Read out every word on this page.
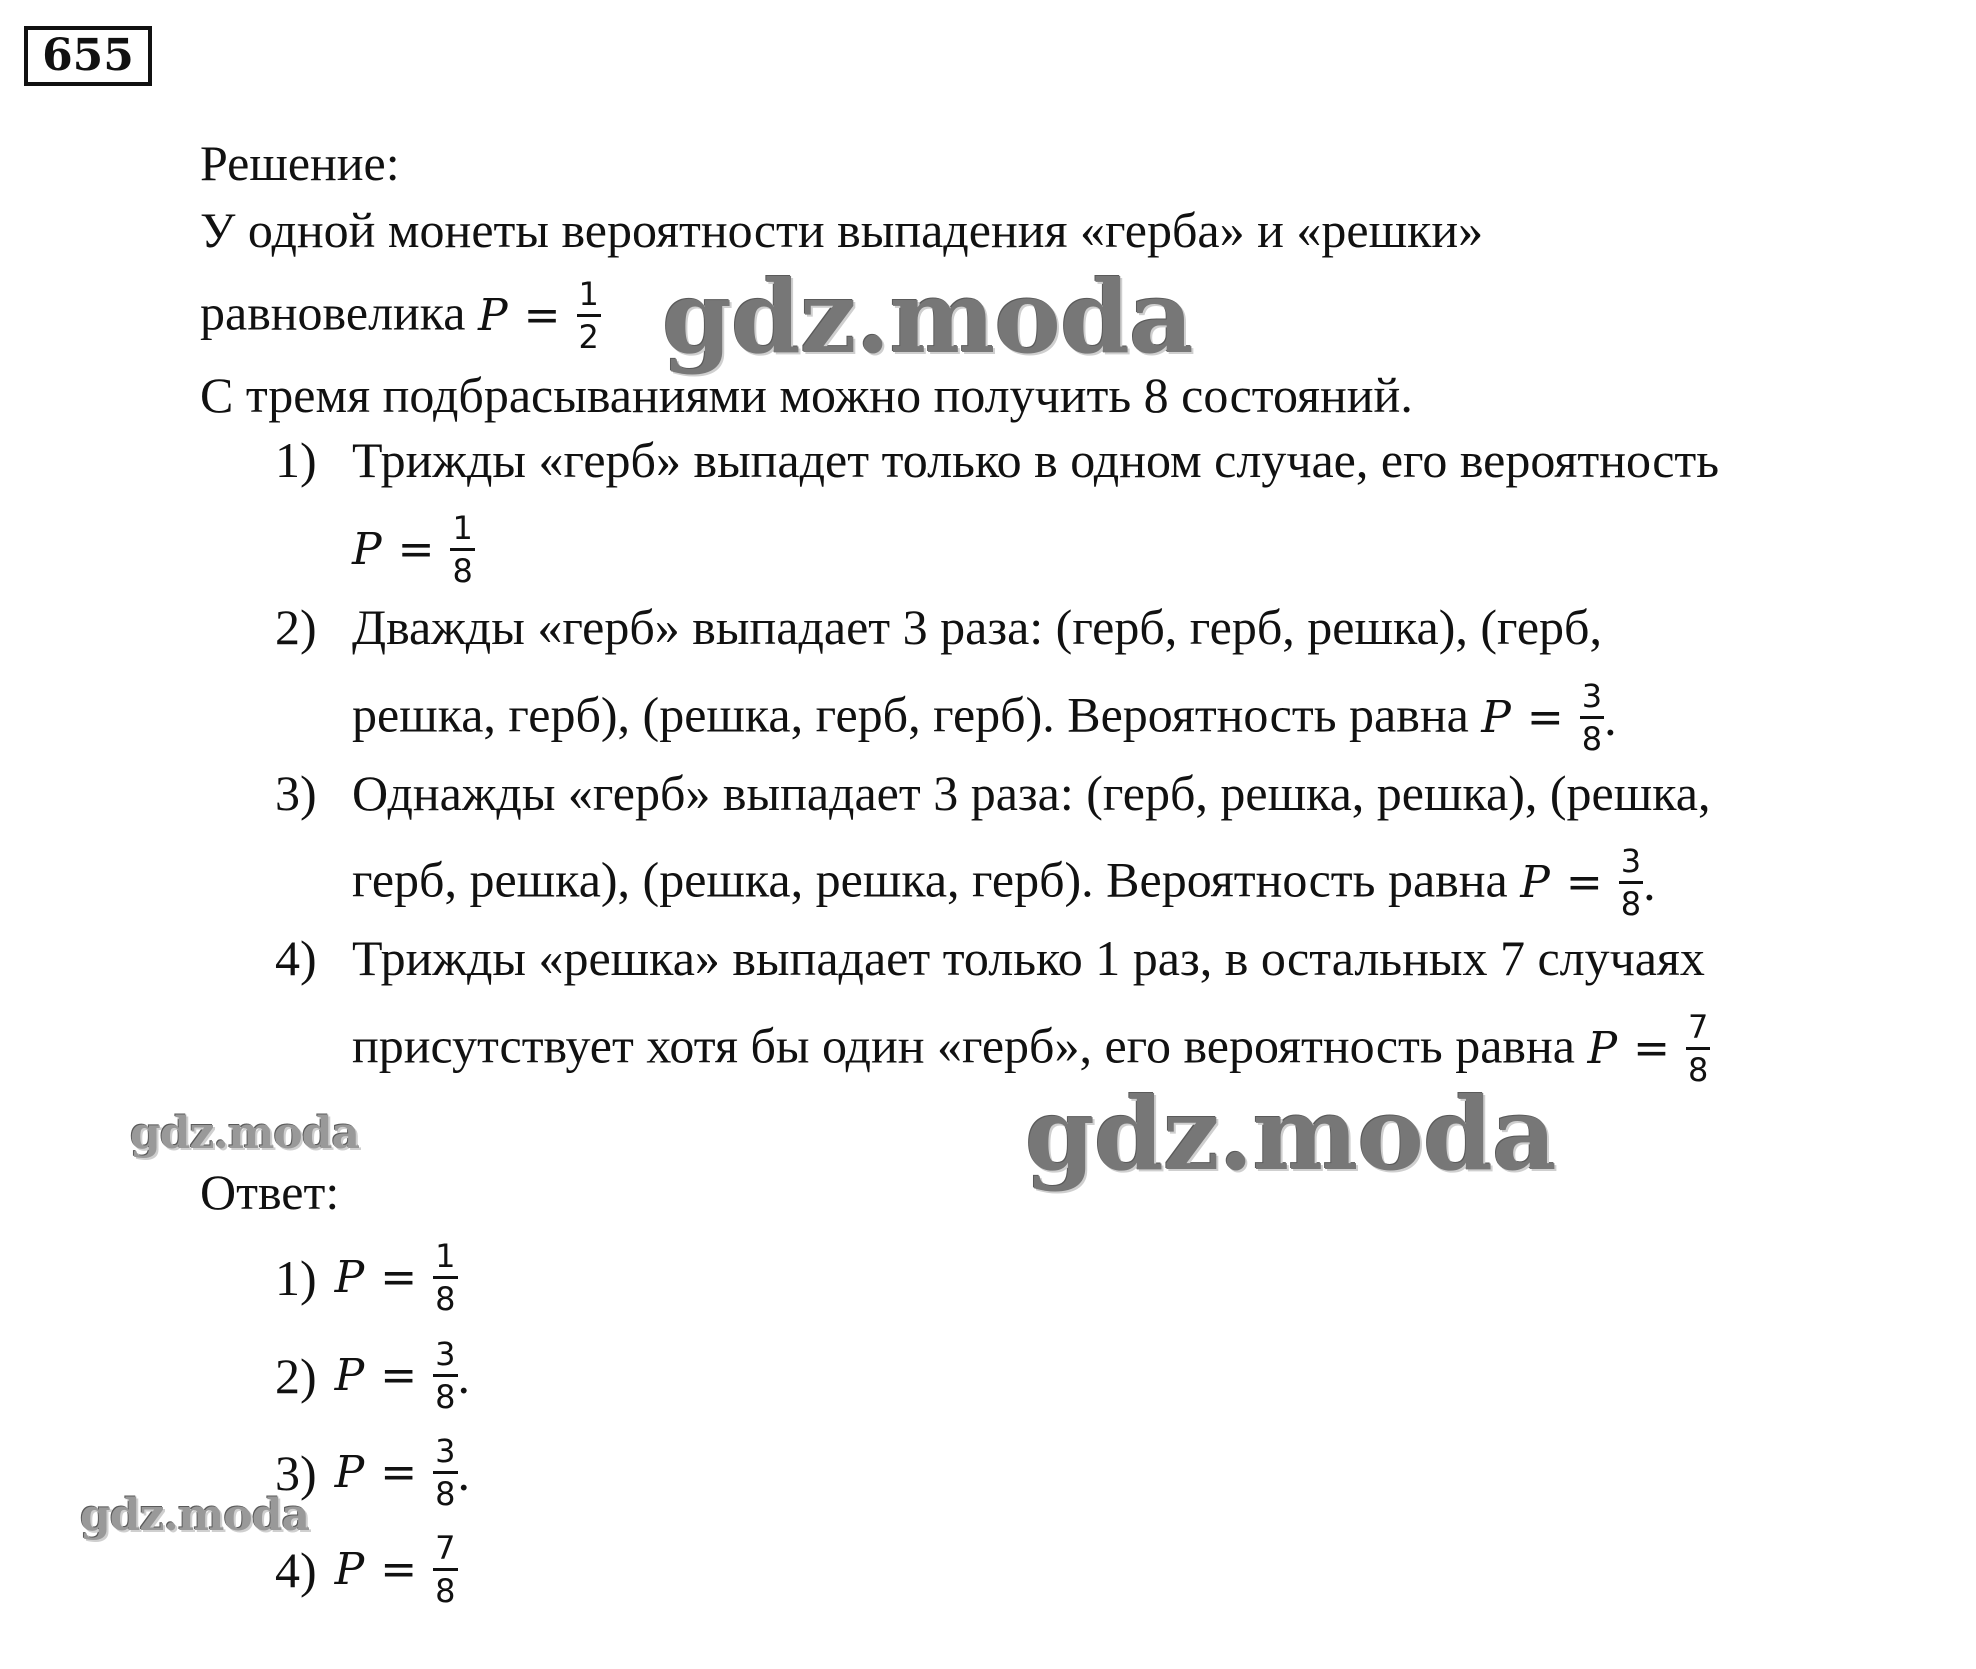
655
Решение:
У одной монеты вероятности выпадения «герба» и «решки»
равновелика $P = \frac{1}{2}$
С тремя подбрасываниями можно получить 8 состояний.
1) Трижды «герб» выпадет только в одном случае, его вероятность
$P = \frac{1}{8}$
2) Дважды «герб» выпадает 3 раза: (герб, герб, решка), (герб,
решка, герб), (решка, герб, герб). Вероятность равна $P = \frac{3}{8}$ .
3) Однажды «герб» выпадает 3 раза: (герб, решка, решка), (решка,
герб, решка), (решка, решка, герб). Вероятность равна $P = \frac{3}{8}$ .
4) Трижды «решка» выпадает только 1 раз, в остальных 7 случаях
присутствует хотя бы один «герб», его вероятность равна $P = \frac{7}{8}$
Ответ:
1) $P = \frac{1}{8}$
2) $P = \frac{3}{8}$ .
3) $P = \frac{3}{8}$ .
4) $P = \frac{7}{8}$
gdz.moda
gdz.moda
gdz.moda
gdz.moda
